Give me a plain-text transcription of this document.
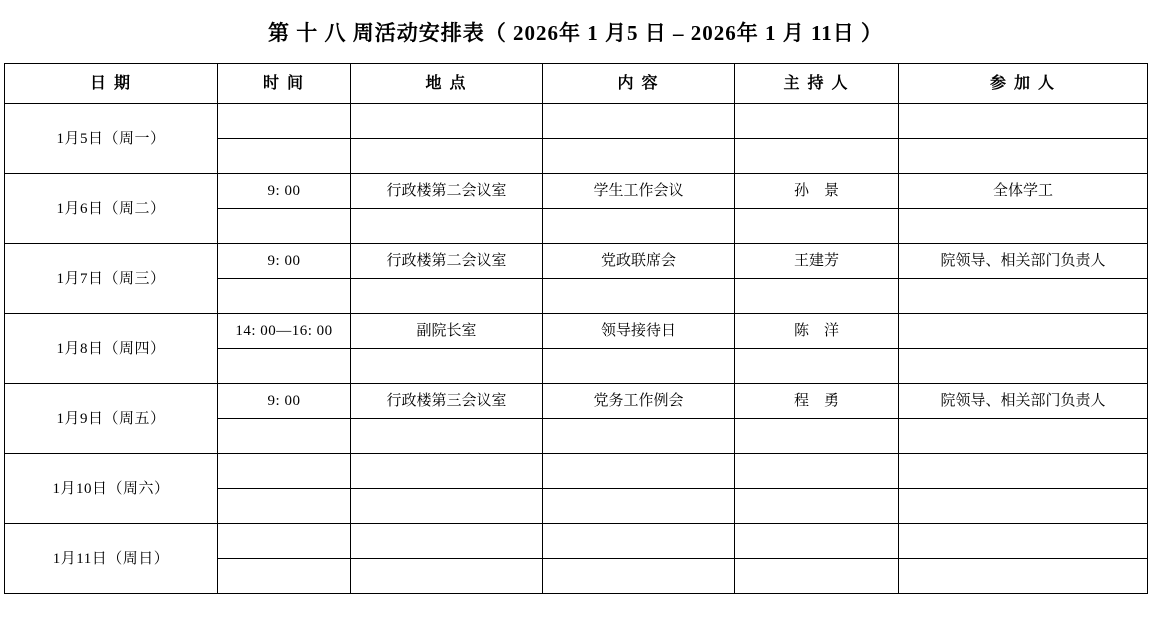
第 十 八 周活动安排表（ 2026年 1 月5 日 – 2026年 1 月 11日 ）
日 期	时 间	地 点	内 容	主 持 人	参 加 人
1月5日（周一）					

1月6日（周二）	9: 00	行政楼第二会议室	学生工作会议	孙　景	全体学工

1月7日（周三）	9: 00	行政楼第二会议室	党政联席会	王建芳	院领导、相关部门负责人

1月8日（周四）	14: 00—16: 00	副院长室	领导接待日	陈　洋	

1月9日（周五）	9: 00	行政楼第三会议室	党务工作例会	程　勇	院领导、相关部门负责人

1月10日（周六）					

1月11日（周日）					
